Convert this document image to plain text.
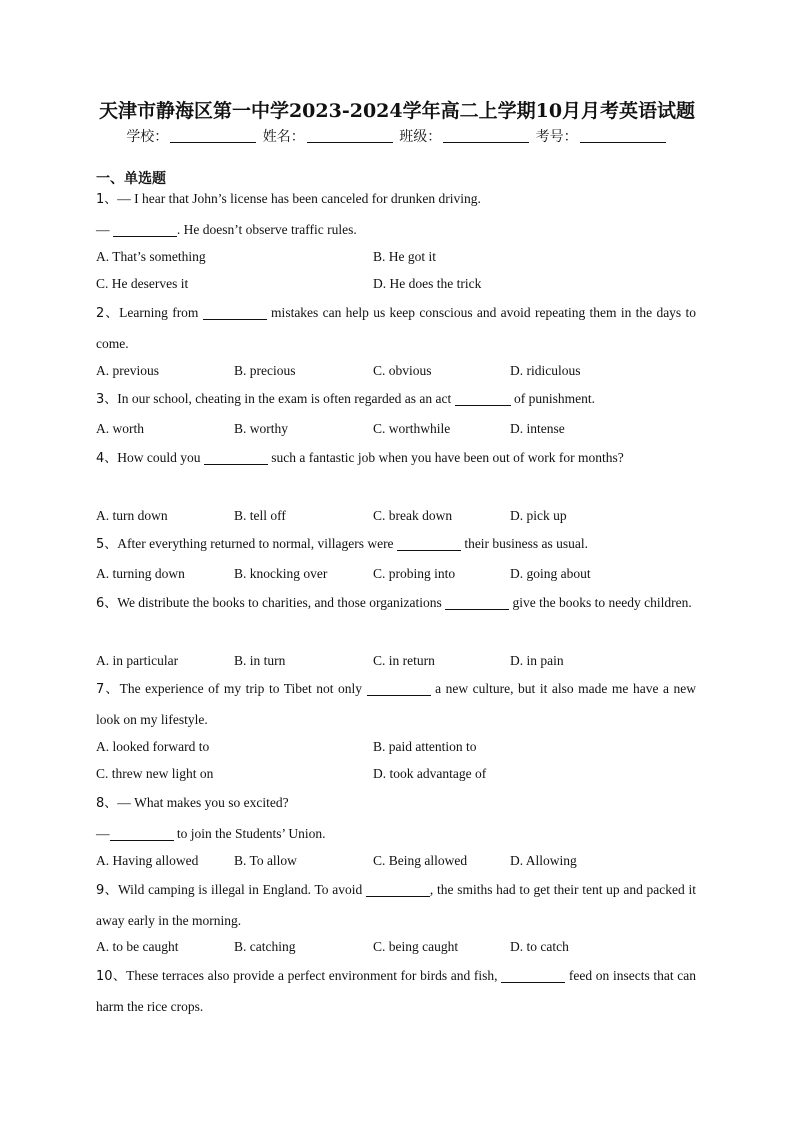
天津市静海区第一中学2023-2024学年高二上学期10月月考英语试题
学校：	姓名：	班级：	考号：
一、单选题
1、— I hear that John’s license has been canceled for drunken driving.
—	. He doesn’t observe traffic rules.
A. That’s something	B. He got it
C. He deserves it	D. He does the trick
2、Learning from	mistakes can help us keep conscious and avoid repeating them in the days to come.
A. previous	B. precious	C. obvious	D. ridiculous
3、In our school, cheating in the exam is often regarded as an act	of punishment.
A. worth	B. worthy	C. worthwhile	D. intense
4、How could you	such a fantastic job when you have been out of work for months?
A. turn down	B. tell off	C. break down	D. pick up
5、After everything returned to normal, villagers were	their business as usual.
A. turning down	B. knocking over	C. probing into	D. going about
6、We distribute the books to charities, and those organizations	give the books to needy children.
A. in particular	B. in turn	C. in return	D. in pain
7、The experience of my trip to Tibet not only	a new culture, but it also made me have a new look on my lifestyle.
A. looked forward to	B. paid attention to
C. threw new light on	D. took advantage of
8、— What makes you so excited?
—	to join the Students’ Union.
A. Having allowed	B. To allow	C. Being allowed	D. Allowing
9、Wild camping is illegal in England. To avoid	, the smiths had to get their tent up and packed it away early in the morning.
A. to be caught	B. catching	C. being caught	D. to catch
10、These terraces also provide a perfect environment for birds and fish,	feed on insects that can harm the rice crops.
